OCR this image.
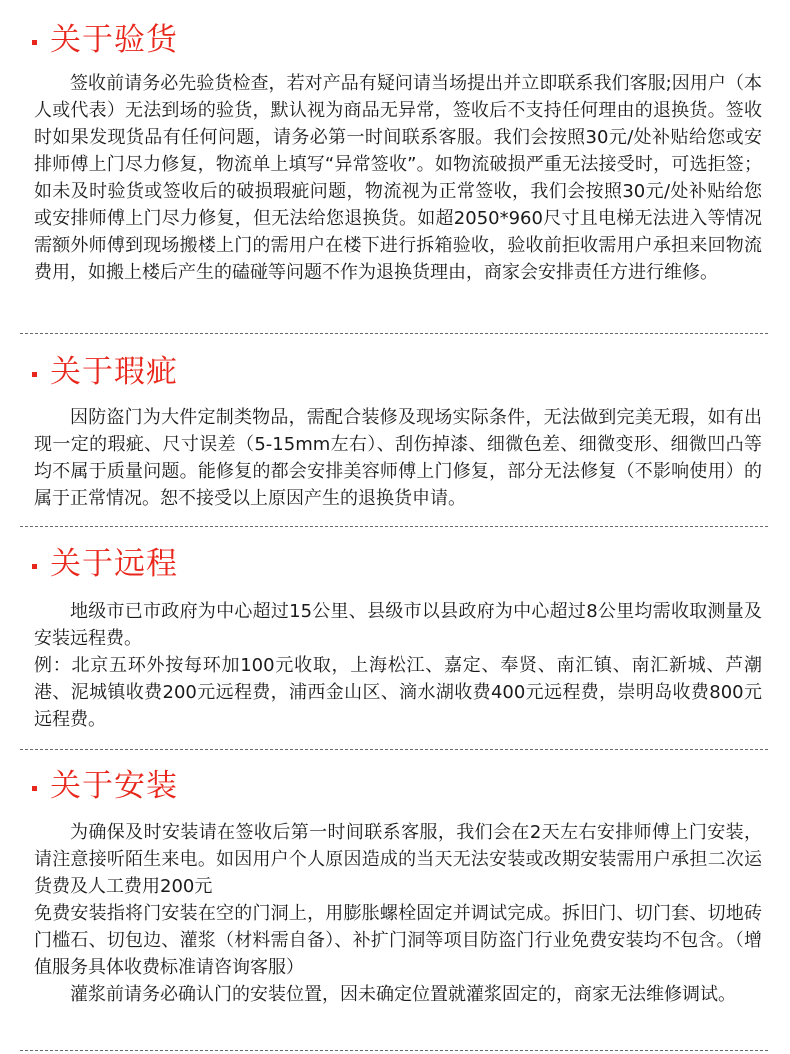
关于验货

签收前请务必先验货检查，若对产品有疑问请当场提出并立即联系我们客服;因用户（本人或代表）无法到场的验货，默认视为商品无异常，签收后不支持任何理由的退换货。签收时如果发现货品有任何问题，请务必第一时间联系客服。我们会按照30元/处补贴给您或安排师傅上门尽力修复，物流单上填写“异常签收”。如物流破损严重无法接受时，可选拒签；如未及时验货或签收后的破损瑕疵问题，物流视为正常签收，我们会按照30元/处补贴给您或安排师傅上门尽力修复，但无法给您退换货。如超2050*960尺寸且电梯无法进入等情况需额外师傅到现场搬楼上门的需用户在楼下进行拆箱验收，验收前拒收需用户承担来回物流费用，如搬上楼后产生的磕碰等问题不作为退换货理由，商家会安排责任方进行维修。

关于瑕疵

因防盗门为大件定制类物品，需配合装修及现场实际条件，无法做到完美无瑕，如有出现一定的瑕疵、尺寸误差（5-15mm左右）、刮伤掉漆、细微色差、细微变形、细微凹凸等均不属于质量问题。能修复的都会安排美容师傅上门修复，部分无法修复（不影响使用）的属于正常情况。恕不接受以上原因产生的退换货申请。

关于远程

地级市已市政府为中心超过15公里、县级市以县政府为中心超过8公里均需收取测量及安装远程费。

例：北京五环外按每环加100元收取，上海松江、嘉定、奉贤、南汇镇、南汇新城、芦潮港、泥城镇收费200元远程费，浦西金山区、滴水湖收费400元远程费，崇明岛收费800元远程费。

关于安装

为确保及时安装请在签收后第一时间联系客服，我们会在2天左右安排师傅上门安装，请注意接听陌生来电。如因用户个人原因造成的当天无法安装或改期安装需用户承担二次运货费及人工费用200元

免费安装指将门安装在空的门洞上，用膨胀螺栓固定并调试完成。拆旧门、切门套、切地砖门槛石、切包边、灌浆（材料需自备）、补扩门洞等项目防盗门行业免费安装均不包含。（增值服务具体收费标准请咨询客服）

灌浆前请务必确认门的安装位置，因未确定位置就灌浆固定的，商家无法维修调试。
